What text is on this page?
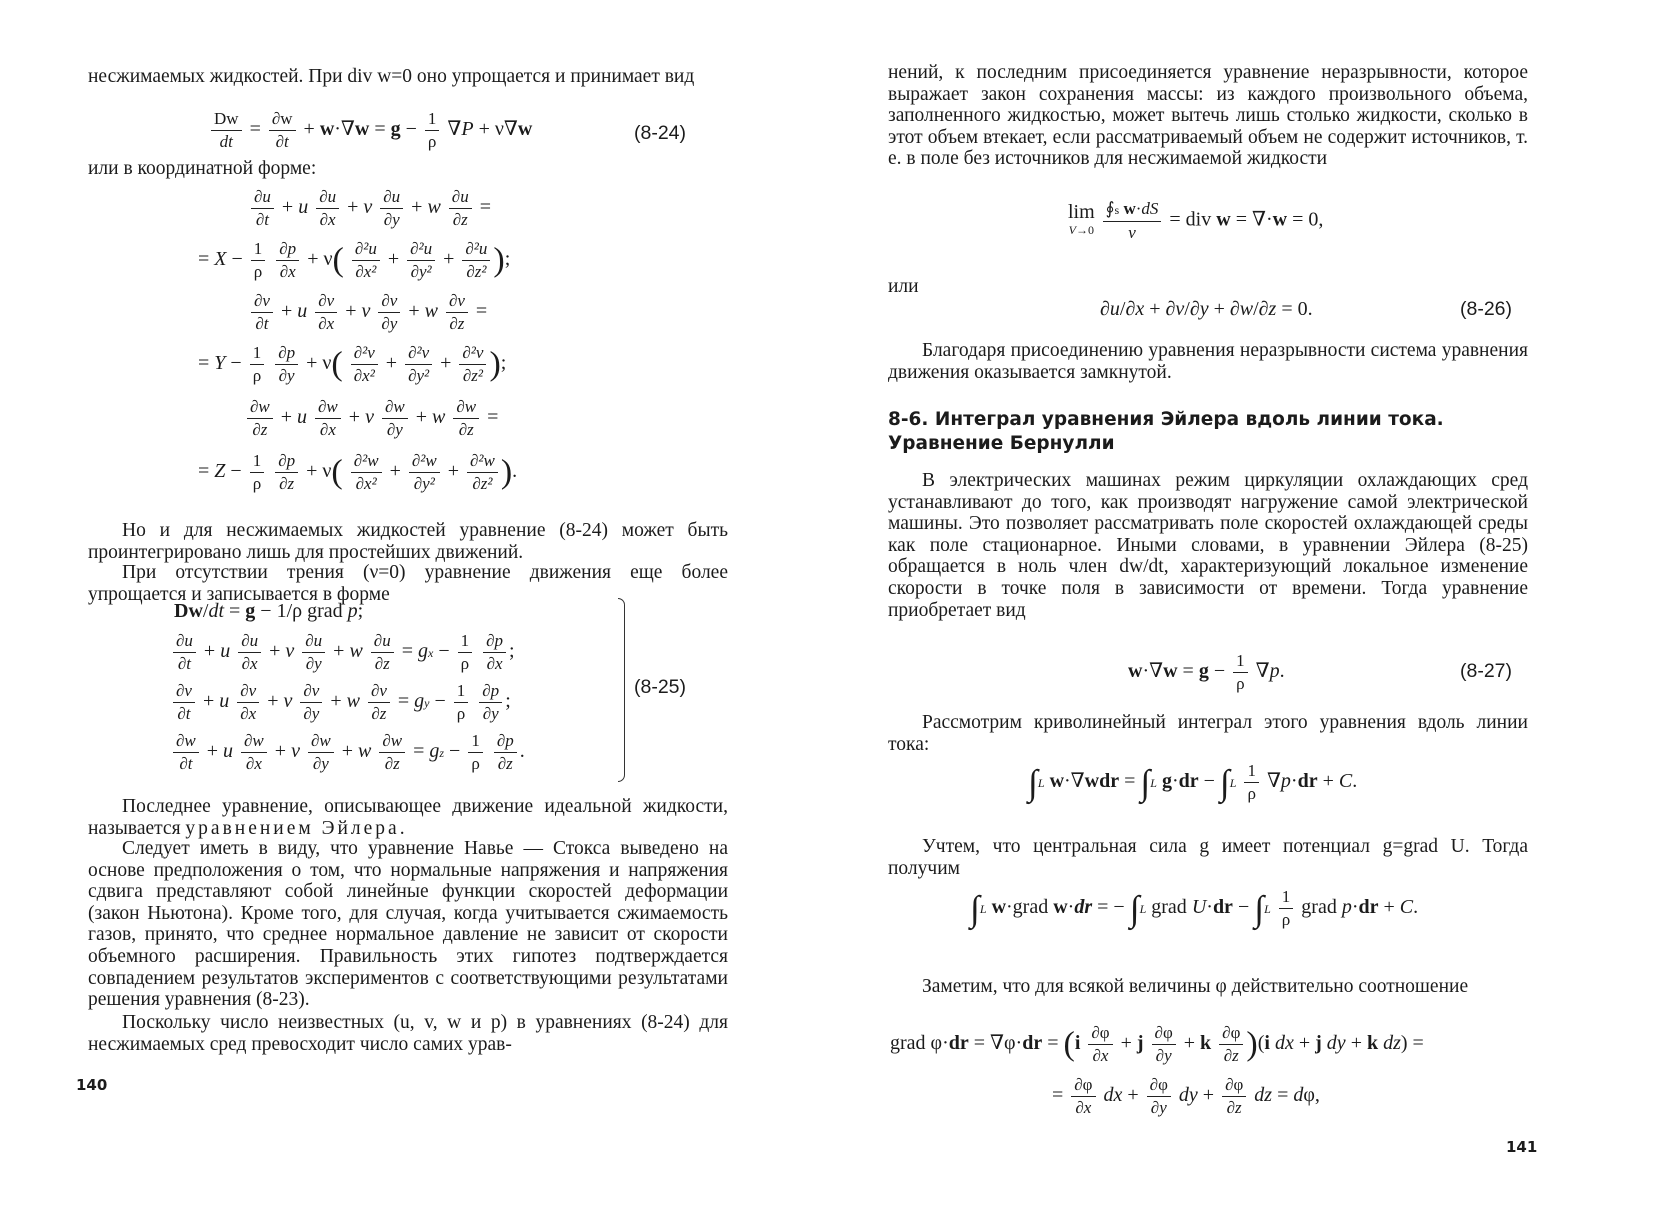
несжимаемых жидкостей. При div w=0 оно упрощается и принимает вид
$\frac{Dw}{dt} = \frac{\partial w}{\partial t} + w\cdot\nabla w = g - \frac{1}{\rho} \nabla P + \nu\nabla w$	(8-24)
или в координатной форме:
$\frac{\partial u}{\partial t} + u \frac{\partial u}{\partial x} + v \frac{\partial u}{\partial y} + w \frac{\partial u}{\partial z}$ =
= $X - \frac{1}{\rho}$
$\frac{\partial p}{\partial x} + \nu( \frac{\text{∂²u}}{\text{∂x²}} + \frac{\text{∂²u}}{\text{∂y²}} + \frac{\text{∂²u}}{\text{∂z²}}$ );
$\frac{\partial v}{\partial t} + u \frac{\partial v}{\partial x} + v \frac{\partial v}{\partial y} + w \frac{\partial v}{\partial z}$ =
= $Y - \frac{1}{\rho}$
$\frac{\partial p}{\partial y} + \nu( \frac{\text{∂²v}}{\text{∂x²}} + \frac{\text{∂²v}}{\text{∂y²}} + \frac{\text{∂²v}}{\text{∂z²}}$ );
$\frac{\partial w}{\partial z} + u \frac{\partial w}{\partial x} + v \frac{\partial w}{\partial y} + w \frac{\partial w}{\partial z}$ =
= $Z - \frac{1}{\rho}$
$\frac{\partial p}{\partial z} + \nu( \frac{\text{∂²w}}{\text{∂x²}} + \frac{\text{∂²w}}{\text{∂y²}} + \frac{\text{∂²w}}{\text{∂z²}}$ ).
Но и для несжимаемых жидкостей уравнение (8-24) может быть проинтегрировано лишь для простейших движений.
При отсутствии трения (ν=0) уравнение движения еще более упрощается и записывается в форме
Dw/dt = g − 1/ρ grad p;
$\frac{\partial u}{\partial t} + u \frac{\partial u}{\partial x} + v \frac{\partial u}{\partial y} + w \frac{\partial u}{\partial z}$ = gx − $\frac{1}{\rho}$
$\frac{\partial p}{\partial x}$ ;
$\frac{\partial v}{\partial t} + u \frac{\partial v}{\partial x} + v \frac{\partial v}{\partial y} + w \frac{\partial v}{\partial z}$ = gy − $\frac{1}{\rho}$
$\frac{\partial p}{\partial y}$ ;
$\frac{\partial w}{\partial t} + u \frac{\partial w}{\partial x} + v \frac{\partial w}{\partial y} + w \frac{\partial w}{\partial z}$ = gz − $\frac{1}{\rho}$
$\frac{\partial p}{\partial z}$ .
(8-25)
Последнее уравнение, описывающее движение идеальной жидкости, называется уравнением Эйлера.
Следует иметь в виду, что уравнение Навье — Стокса выведено на основе предположения о том, что нормальные напряжения и напряжения сдвига представляют собой линейные функции скоростей деформации (закон Ньютона). Кроме того, для случая, когда учитывается сжимаемость газов, принято, что среднее нормальное давление не зависит от скорости объемного расширения. Правильность этих гипотез подтверждается совпадением результатов экспериментов с соответствующими результатами решения уравнения (8-23).
Поскольку число неизвестных (u, v, w и p) в уравнениях (8-24) для несжимаемых сред превосходит число самих урав-
140
нений, к последним присоединяется уравнение неразрывности, которое выражает закон сохранения массы: из каждого произвольного объема, заполненного жидкостью, может вытечь лишь столько жидкости, сколько в этот объем втекает, если рассматриваемый объем не содержит источников, т. е. в поле без источников для несжимаемой жидкости
lim
V→0
$\frac{\text{∮s w·dS}}{v}$ = div w = ∇·w = 0,
или
∂u/∂x + ∂v/∂y + ∂w/∂z = 0.	(8-26)
Благодаря присоединению уравнения неразрывности система уравнения движения оказывается замкнутой.
8-6. Интеграл уравнения Эйлера вдоль линии тока.
Уравнение Бернулли
В электрических машинах режим циркуляции охлаждающих сред устанавливают до того, как производят нагружение самой электрической машины. Это позволяет рассматривать поле скоростей охлаждающей среды как поле стационарное. Иными словами, в уравнении Эйлера (8-25) обращается в ноль член dw/dt, характеризующий локальное изменение скорости в точке поля в зависимости от времени. Тогда уравнение приобретает вид
$w\cdot\nabla w = g - \frac{1}{\rho} \nabla p$.	(8-27)
Рассмотрим криволинейный интеграл этого уравнения вдоль линии тока:
∫L w·∇wdr = ∫L $g\cdot dr - \int L \frac{1}{\rho} \nabla p\cdot dr + C$.
Учтем, что центральная сила g имеет потенциал g=grad U. Тогда получим
∫L w·grad w·dr = − ∫L grad $U\cdot dr - \int L \frac{1}{\rho}$ grad p·dr + C.
Заметим, что для всякой величины φ действительно соотношение
grad $\varphi\cdot dr = \nabla\varphi\cdot dr = (i \frac{\partial\varphi}{\partial x} + j \frac{\partial\varphi}{\partial y} + k \frac{\partial\varphi}{\partial z} )(i$ dx + j dy + k dz) =
= $\frac{\partial\varphi}{\partial x}$ dx + $\frac{\partial\varphi}{\partial y}$ dy + $\frac{\partial\varphi}{\partial z}$ dz = dφ,
141
